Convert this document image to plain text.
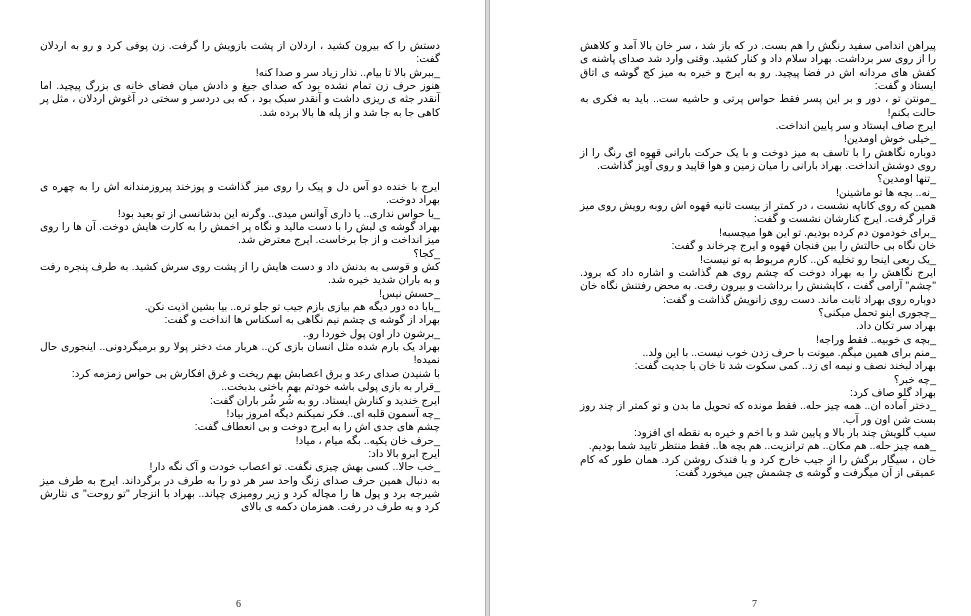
دستش را که بیرون کشید ، اردلان از پشت بازویش را گرفت. زن پوفی کرد و رو به اردلان گفت:

_ببرش بالا تا بیام.. نذار زیاد سر و صدا کنه!

هنوز حرف زن تمام نشده بود که صدای جیغ و دادش میان فضای خانه ی بزرگ پیچید. اما آنقدر جثه ی ریزی داشت و آنقدر سبک بود ، که بی دردسر و سختی در آغوش اردلان ، مثل پر کاهی جا به جا شد و از پله ها بالا برده شد.

ایرج با خنده دو آس دل و پیک را روی میز گذاشت و پوزخند پیروزمندانه اش را به چهره ی بهراد دوخت.

_یا حواس نداری.. یا داری آوانس میدی.. وگرنه این بدشانسی از تو بعید بود!

بهراد گوشه ی لبش را با دست مالید و نگاه پر اخمش را به کارت هایش دوخت. آن ها را روی میز انداخت و از جا برخاست. ایرج معترض شد.

_کجا؟

کش و قوسی به بدنش داد و دست هایش را از پشت روی سرش کشید. به طرف پنجره رفت و به باران شدید خیره شد.

_حسش نیس!

_بابا ده دور دیگه هم بیازی بازم جیب تو جلو تره.. بیا بشین اذیت نکن.

بهراد از گوشه ی چشم نیم نگاهی به اسکناس ها انداخت و گفت:

_برشون دار اون پول خوردا رو..

بهراد یک بارم شده مثل انسان بازی کن.. هربار مث دختر پولا رو برمیگردونی.. اینجوری حال نمیده!

با شنیدن صدای رعد و برق اعصابش بهم ریخت و غرق افکارش بی حواس زمزمه کرد:

_قرار به بازی پولی باشه خودتم بهم باختی بدبخت..

ایرج خندید و کنارش ایستاد. رو به شُر شُر باران گفت:

_چه آسمون قلبه ای.. فکر نمیکنم دیگه امروز بیاد!

چشم های جدی اش را به ایرج دوخت و بی انعطاف گفت:

_حرف خان یکیه.. بگه میام ، میاد!

ایرج ابرو بالا داد:

_خب حالا.. کسی بهش چیزی نگفت. تو اعصاب خودت و آک نگه دار!

به دنبال همین حرف صدای زنگ واحد سر هر دو را به طرف در برگرداند. ایرج به طرف میز شیرجه برد و پول ها را مچاله کرد و زیر رومیزی چپاند.. بهراد با انزجار "تو روحت" ی نثارش کرد و به طرف در رفت. همزمان دکمه ی بالای

6

پیراهن اندامی سفید رنگش را هم بست. در که باز شد ، سر خان بالا آمد و کلاهش را از روی سر برداشت. بهراد سلام داد و کنار کشید. وقتی وارد شد صدای پاشنه ی کفش های مردانه اش در فضا پیچید. رو به ایرج و خیره به میز کج گوشه ی اتاق ایستاد و گفت:

_مونتن تو ، دور و بر این پسر فقط حواس پرتی و حاشیه ست.. باید به فکری به حالت بکنم!

ایرج صاف ایستاد و سر پایین انداخت.

_خیلی خوش اومدین!

دوباره نگاهش را با تاسف به میز دوخت و با یک حرکت بارانی قهوه ای رنگ را از روی دوشش انداخت. بهراد بارانی را میان زمین و هوا قاپید و روی آویز گذاشت.

_تنها اومدین؟

_نه.. بچه ها تو ماشینن!

همین که روی کاناپه نشست ، در کمتر از بیست ثانیه قهوه اش روبه رویش روی میز قرار گرفت. ایرج کنارشان نشست و گفت:

_برای خودمون دم کرده بودیم. تو این هوا میچسبه!

خان نگاه بی حالتش را بین فنجان قهوه و ایرج چرخاند و گفت:

_یک ربعی اینجا رو تخلیه کن.. کارم مربوط به تو نیست!

ایرج نگاهش را به بهراد دوخت که چشم روی هم گذاشت و اشاره داد که برود. "چشم" آرامی گفت ، کاپشنش را برداشت و بیرون رفت. به محض رفتنش نگاه خان دوباره روی بهراد ثابت ماند. دست روی زانویش گذاشت و گفت:

_چجوری اینو تحمل میکنی؟

بهراد سر تکان داد.

_بچه ی خوبیه.. فقط وراجه!

_منم برای همین میگم. میونت با حرف زدن خوب نیست.. با این ولد..

بهراد لبخند نصف و نیمه ای زد.. کمی سکوت شد تا خان با جدیت گفت:

_چه خبر؟

بهراد گلو صاف کرد:

_دختر آماده ان.. همه چیز حله.. فقط مونده که تحویل ما بدن و تو کمتر از چند روز بست شن اون ور آب.

سیب گلویش چند بار بالا و پایین شد و با اخم و خیره به نقطه ای افزود:

_همه چیز حله.. هم مکان.. هم ترانزیت.. هم بچه ها.. فقط منتظر تایید شما بودیم.

خان ، سیگار برگش را از جیب خارج کرد و با فندک روشن کرد. همان طور که کام عمیقی از آن میگرفت و گوشه ی چشمش چین میخورد گفت:

7
